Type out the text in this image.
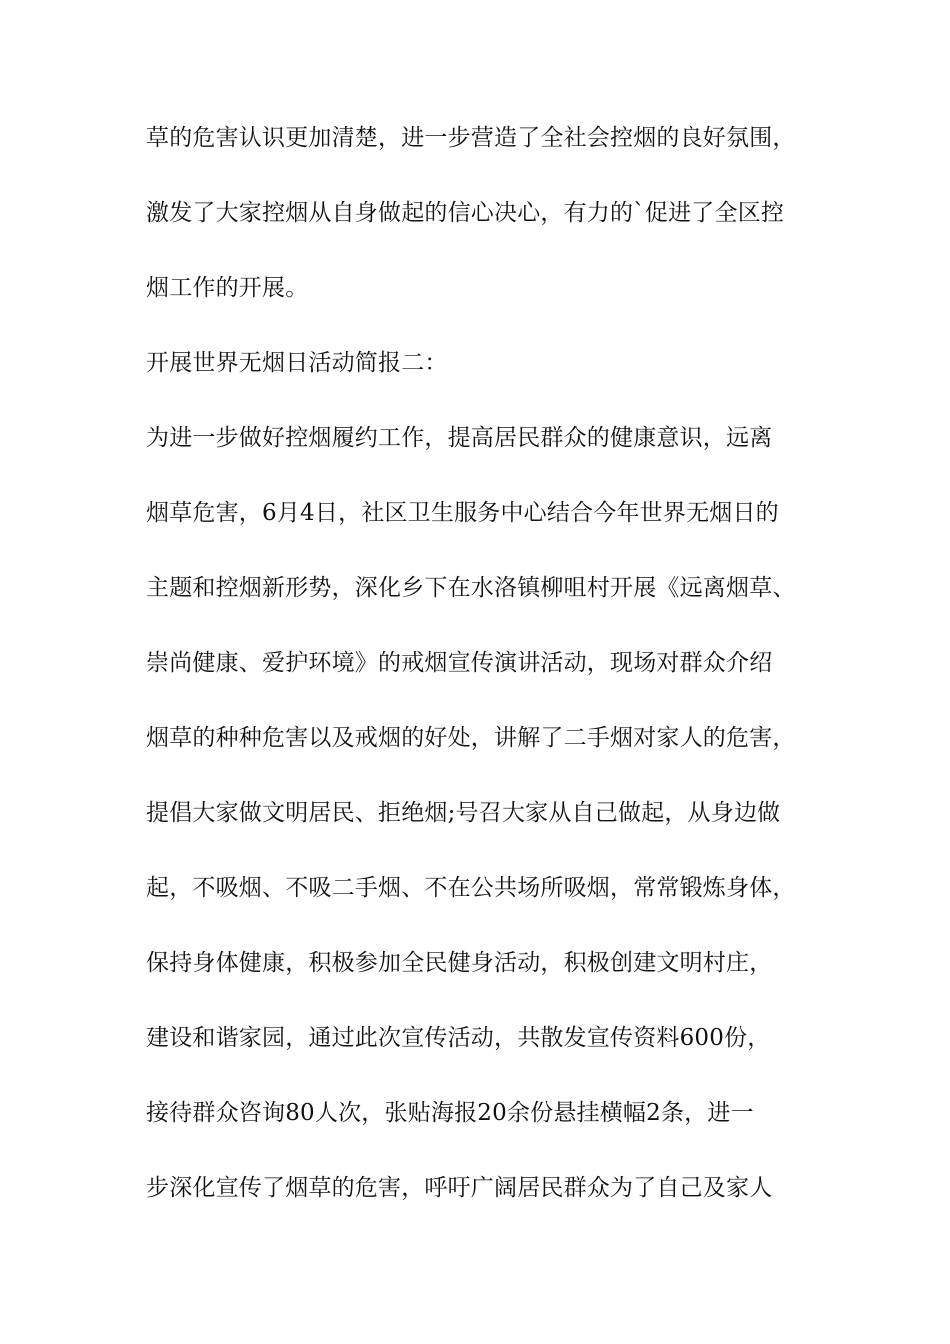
草的危害认识更加清楚，进一步营造了全社会控烟的良好氛围，
激发了大家控烟从自身做起的信心决心，有力的`促进了全区控
烟工作的开展。
开展世界无烟日活动简报二：
为进一步做好控烟履约工作，提高居民群众的健康意识，远离
烟草危害，6月4日，社区卫生服务中心结合今年世界无烟日的
主题和控烟新形势，深化乡下在水洛镇柳咀村开展《远离烟草、
崇尚健康、爱护环境》的戒烟宣传演讲活动，现场对群众介绍
烟草的种种危害以及戒烟的好处，讲解了二手烟对家人的危害，
提倡大家做文明居民、拒绝烟;号召大家从自己做起，从身边做
起，不吸烟、不吸二手烟、不在公共场所吸烟，常常锻炼身体，
保持身体健康，积极参加全民健身活动，积极创建文明村庄，
建设和谐家园，通过此次宣传活动，共散发宣传资料600份，
接待群众咨询80人次，张贴海报20余份悬挂横幅2条，进一
步深化宣传了烟草的危害，呼吁广阔居民群众为了自己及家人
